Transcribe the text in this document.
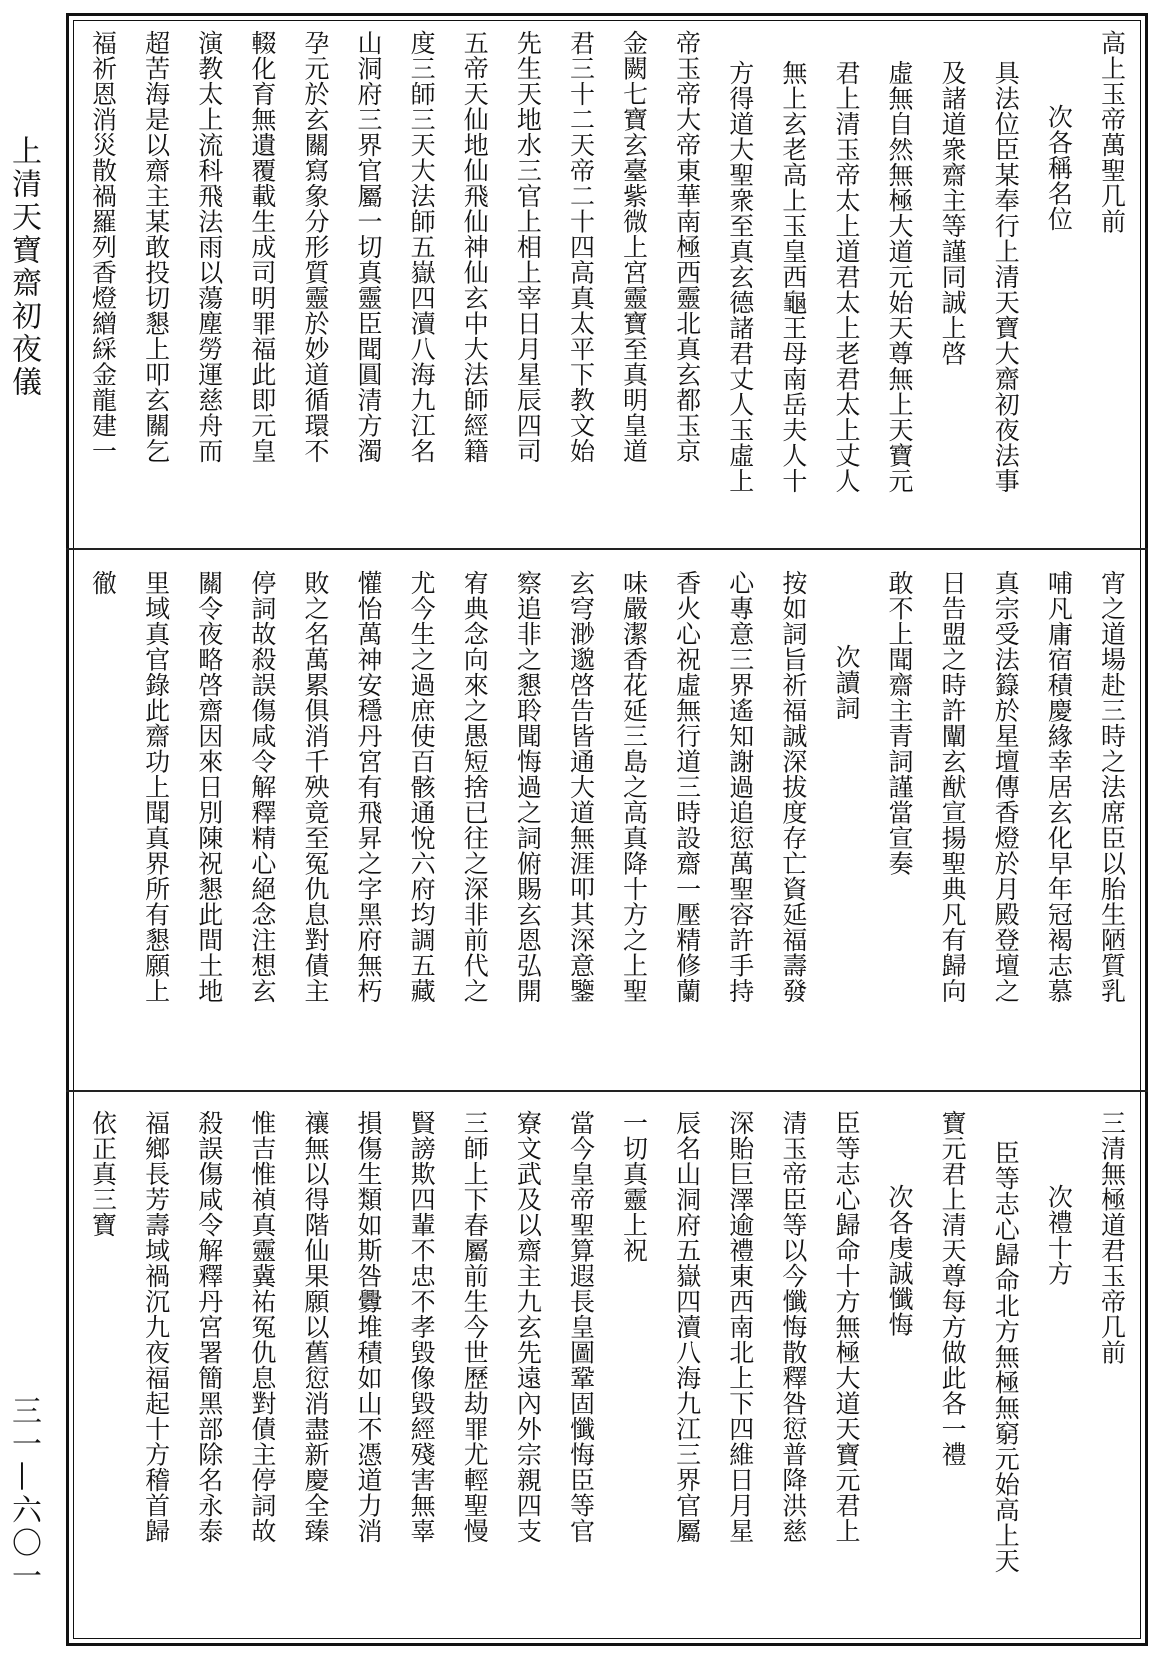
上清天寶齋初夜儀
三一—六〇一
高上玉帝萬聖几前
次各稱名位
具法位臣某奉行上清天寶大齋初夜法事
及諸道衆齋主等謹同誠上啓
虛無自然無極大道元始天尊無上天寶元
君上清玉帝太上道君太上老君太上丈人
無上玄老高上玉皇西龜王母南岳夫人十
方得道大聖衆至真玄德諸君丈人玉虛上
帝玉帝大帝東華南極西靈北真玄都玉京
金闕七寶玄臺紫微上宮靈寶至真明皇道
君三十二天帝二十四高真太平下教文始
先生天地水三官上相上宰日月星辰四司
五帝天仙地仙飛仙神仙玄中大法師經籍
度三師三天大法師五嶽四瀆八海九江名
山洞府三界官屬一切真靈臣聞圓清方濁
孕元於玄關寫象分形質靈於妙道循環不
輟化育無遺覆載生成司明罪福此即元皇
演教太上流科飛法雨以蕩塵勞運慈舟而
超苦海是以齋主某敢投切懇上叩玄關乞
福祈恩消災散禍羅列香燈繒綵金龍建一
宵之道場赴三時之法席臣以胎生陋質乳
哺凡庸宿積慶緣幸居玄化早年冠褐志慕
真宗受法籙於星壇傳香燈於月殿登壇之
日告盟之時許闡玄猷宣揚聖典凡有歸向
敢不上聞齋主青詞謹當宣奏
次讀詞
按如詞旨祈福誠深拔度存亡資延福壽發
心專意三界遙知謝過追愆萬聖容許手持
香火心祝虛無行道三時設齋一壓精修蘭
味嚴潔香花延三島之高真降十方之上聖
玄穹渺邈啓告皆通大道無涯叩其深意鑒
察追非之懇聆聞悔過之詞俯賜玄恩弘開
宥典念向來之愚短捨已往之深非前代之
尤今生之過庶使百骸通悅六府均調五藏
懽怡萬神安穩丹宮有飛昇之字黑府無朽
敗之名萬累俱消千殃竟至冤仇息對債主
停詞故殺誤傷咸令解釋精心絕念注想玄
關令夜略啓齋因來日別陳祝懇此間土地
里域真官錄此齋功上聞真界所有懇願上
徹
三清無極道君玉帝几前
次禮十方
臣等志心歸命北方無極無窮元始高上天
寶元君上清天尊每方做此各一禮
次各虔誠懺悔
臣等志心歸命十方無極大道天寶元君上
清玉帝臣等以今懺悔散釋咎愆普降洪慈
深貽巨澤逾禮東西南北上下四維日月星
辰名山洞府五嶽四瀆八海九江三界官屬
一切真靈上祝
當今皇帝聖算遐長皇圖鞏固懺悔臣等官
寮文武及以齋主九玄先遠內外宗親四支
三師上下春屬前生今世歷劫罪尤輕聖慢
賢謗欺四輩不忠不孝毀像毀經殘害無辜
損傷生類如斯咎釁堆積如山不憑道力消
禳無以得階仙果願以舊愆消盡新慶全臻
惟吉惟禎真靈冀祐冤仇息對債主停詞故
殺誤傷咸令解釋丹宮署簡黑部除名永泰
福鄉長芳壽域禍沉九夜福起十方稽首歸
依正真三寶
